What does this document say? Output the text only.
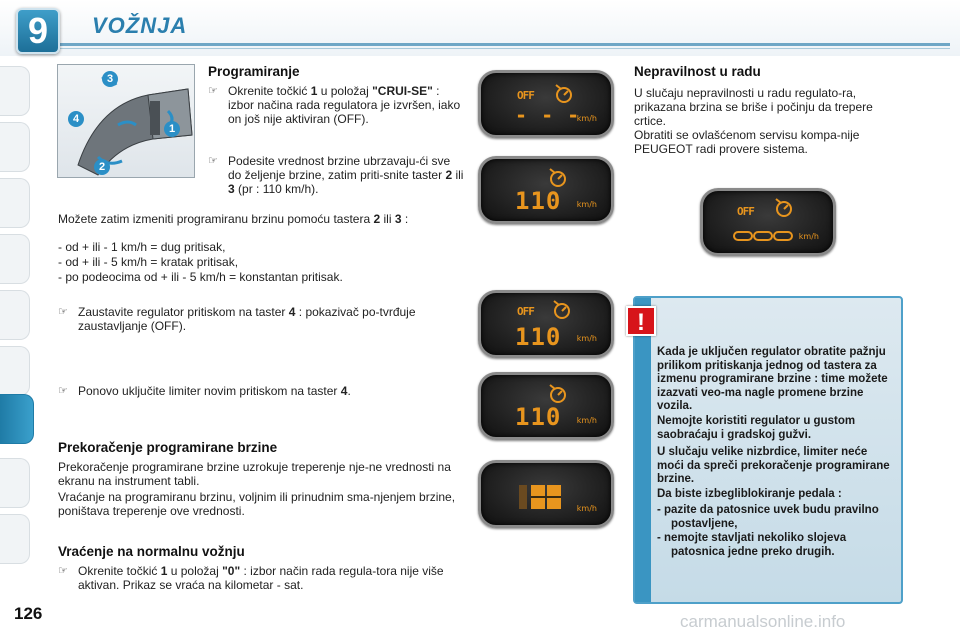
9	VOŽNJA
3
4
1
2
Programiranje
☞ Okrenite točkić 1 u položaj "CRUI-SE" : izbor načina rada regulatora je izvršen, iako on još nije aktiviran (OFF).
☞ Podesite vrednost brzine ubrzavaju-ći sve do željenje brzine, zatim priti-snite taster 2 ili 3 (pr : 110 km/h).
Možete zatim izmeniti programiranu brzinu pomoću tastera 2 ili 3 :
- od + ili - 1 km/h = dug pritisak,
- od + ili - 5 km/h = kratak pritisak,
- po podeocima od + ili - 5 km/h = konstantan pritisak.
☞ Zaustavite regulator pritiskom na taster 4 : pokazivač po-tvrđuje zaustavljanje (OFF).
☞ Ponovo uključite limiter novim pritiskom na taster 4.
Prekoračenje programirane brzine
Prekoračenje programirane brzine uzrokuje treperenje nje-ne vrednosti na ekranu na instrument tabli.
Vraćanje na programiranu brzinu, voljnim ili prinudnim sma-njenjem brzine, poništava treperenje ove vrednosti.
Vraćenje na normalnu vožnju
☞ Okrenite točkić 1 u položaj "0" : izbor način rada regula-tora nije više aktivan. Prikaz se vraća na kilometar - sat.
OFF
- - -
km/h
110 km/h
OFF
110 km/h
110 km/h
km/h
Nepravilnost u radu
U slučaju nepravilnosti u radu regulato-ra, prikazana brzina se briše i počinju da trepere crtice.
Obratiti se ovlašćenom servisu kompa-nije PEUGEOT radi provere sistema.
OFF
km/h
!
Kada je uključen regulator obratite pažnju prilikom pritiskanja jednog od tastera za izmenu programirane brzine : time možete izazvati veo-ma nagle promene brzine vozila.
Nemojte koristiti regulator u gustom saobraćaju i gradskoj gužvi.
U slučaju velike nizbrdice, limiter neće moći da spreči prekoračenje programirane brzine.
Da biste izbegliblokiranje pedala :
- pazite da patosnice uvek budu pravilno postavljene,
- nemojte stavljati nekoliko slojeva patosnica jedne preko drugih.
126	carmanualsonline.info
